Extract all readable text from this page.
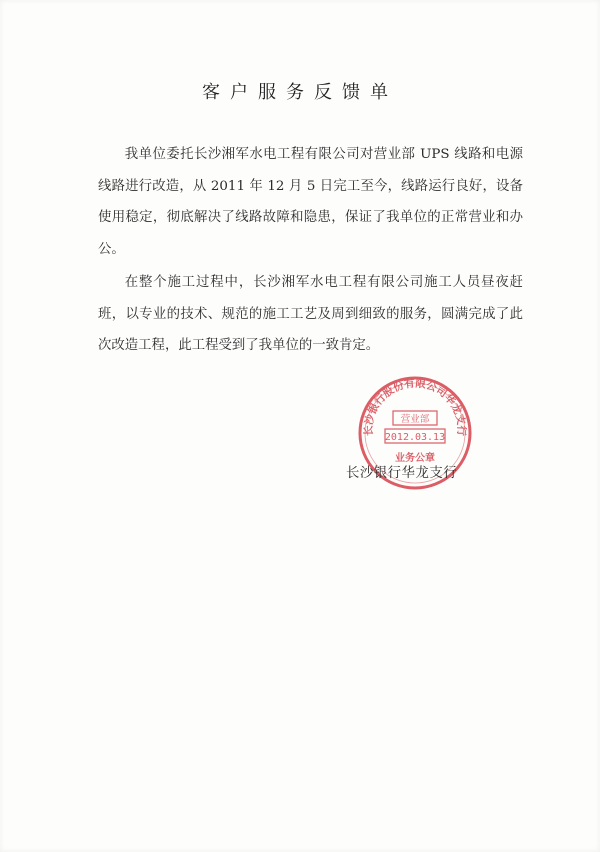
客户服务反馈单

我单位委托长沙湘军水电工程有限公司对营业部 UPS 线路和电源线路进行改造，从 2011 年 12 月 5 日完工至今，线路运行良好，设备使用稳定，彻底解决了线路故障和隐患，保证了我单位的正常营业和办公。

在整个施工过程中，长沙湘军水电工程有限公司施工人员昼夜赶班，以专业的技术、规范的施工工艺及周到细致的服务，圆满完成了此次改造工程，此工程受到了我单位的一致肯定。

长沙银行股份有限公司华龙支行
营业部
2012.03.13
业务公章
长沙银行华龙支行
